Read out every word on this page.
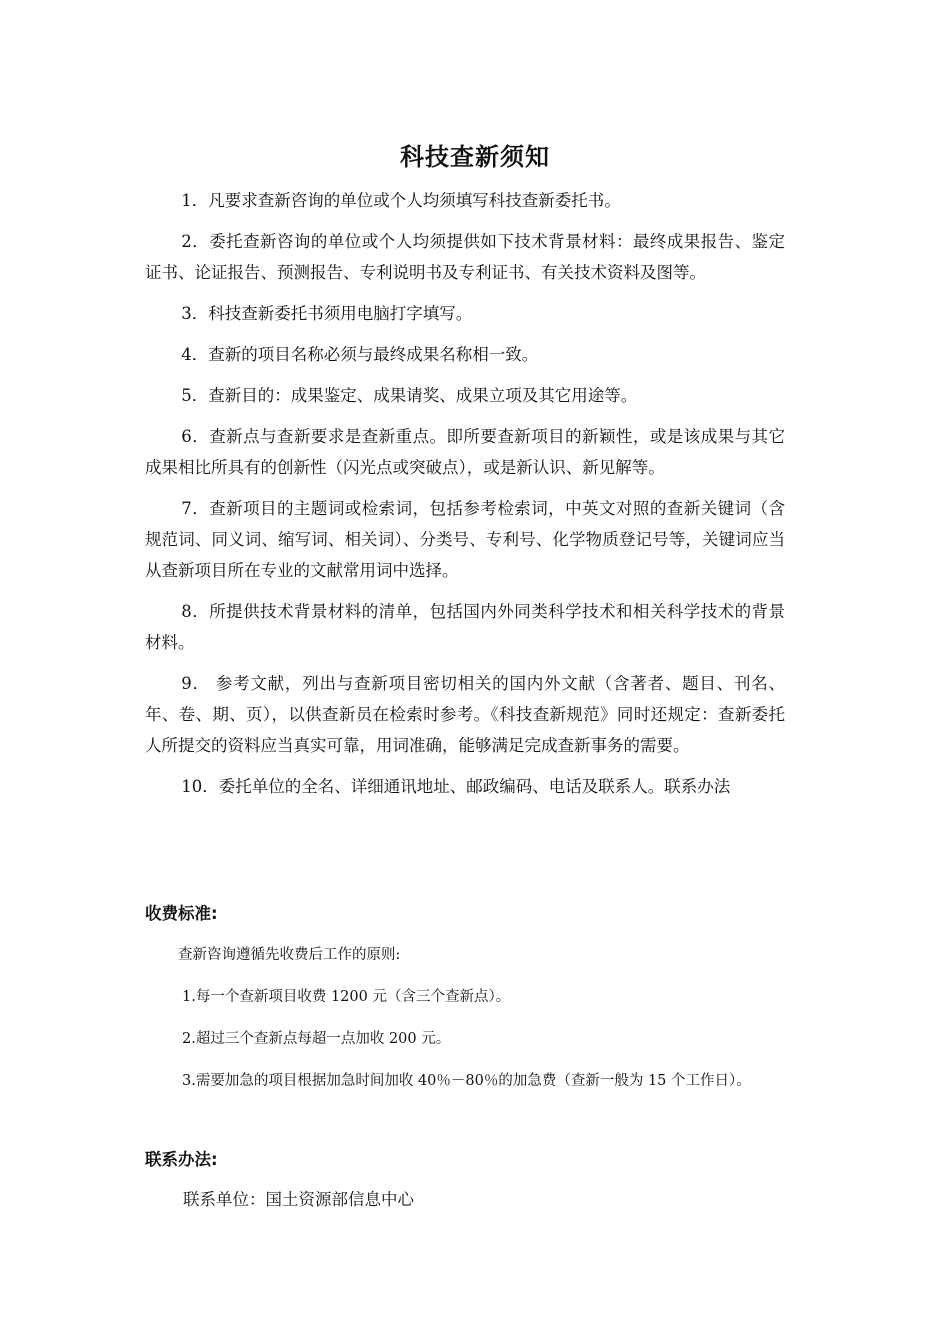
科技查新须知

1．凡要求查新咨询的单位或个人均须填写科技查新委托书。

2．委托查新咨询的单位或个人均须提供如下技术背景材料：最终成果报告、鉴定证书、论证报告、预测报告、专利说明书及专利证书、有关技术资料及图等。

3．科技查新委托书须用电脑打字填写。

4．查新的项目名称必须与最终成果名称相一致。

5．查新目的：成果鉴定、成果请奖、成果立项及其它用途等。

6．查新点与查新要求是查新重点。即所要查新项目的新颖性，或是该成果与其它成果相比所具有的创新性（闪光点或突破点），或是新认识、新见解等。

7．查新项目的主题词或检索词，包括参考检索词，中英文对照的查新关键词（含规范词、同义词、缩写词、相关词）、分类号、专利号、化学物质登记号等，关键词应当从查新项目所在专业的文献常用词中选择。

8．所提供技术背景材料的清单，包括国内外同类科学技术和相关科学技术的背景材料。

9． 参考文献，列出与查新项目密切相关的国内外文献（含著者、题目、刊名、年、卷、期、页），以供查新员在检索时参考。《科技查新规范》同时还规定：查新委托人所提交的资料应当真实可靠，用词准确，能够满足完成查新事务的需要。

10．委托单位的全名、详细通讯地址、邮政编码、电话及联系人。联系办法

收费标准:

查新咨询遵循先收费后工作的原则:

1.每一个查新项目收费 1200 元（含三个查新点）。

2.超过三个查新点每超一点加收 200 元。

3.需要加急的项目根据加急时间加收 40％－80％的加急费（查新一般为 15 个工作日）。

联系办法:
联系单位：国土资源部信息中心
